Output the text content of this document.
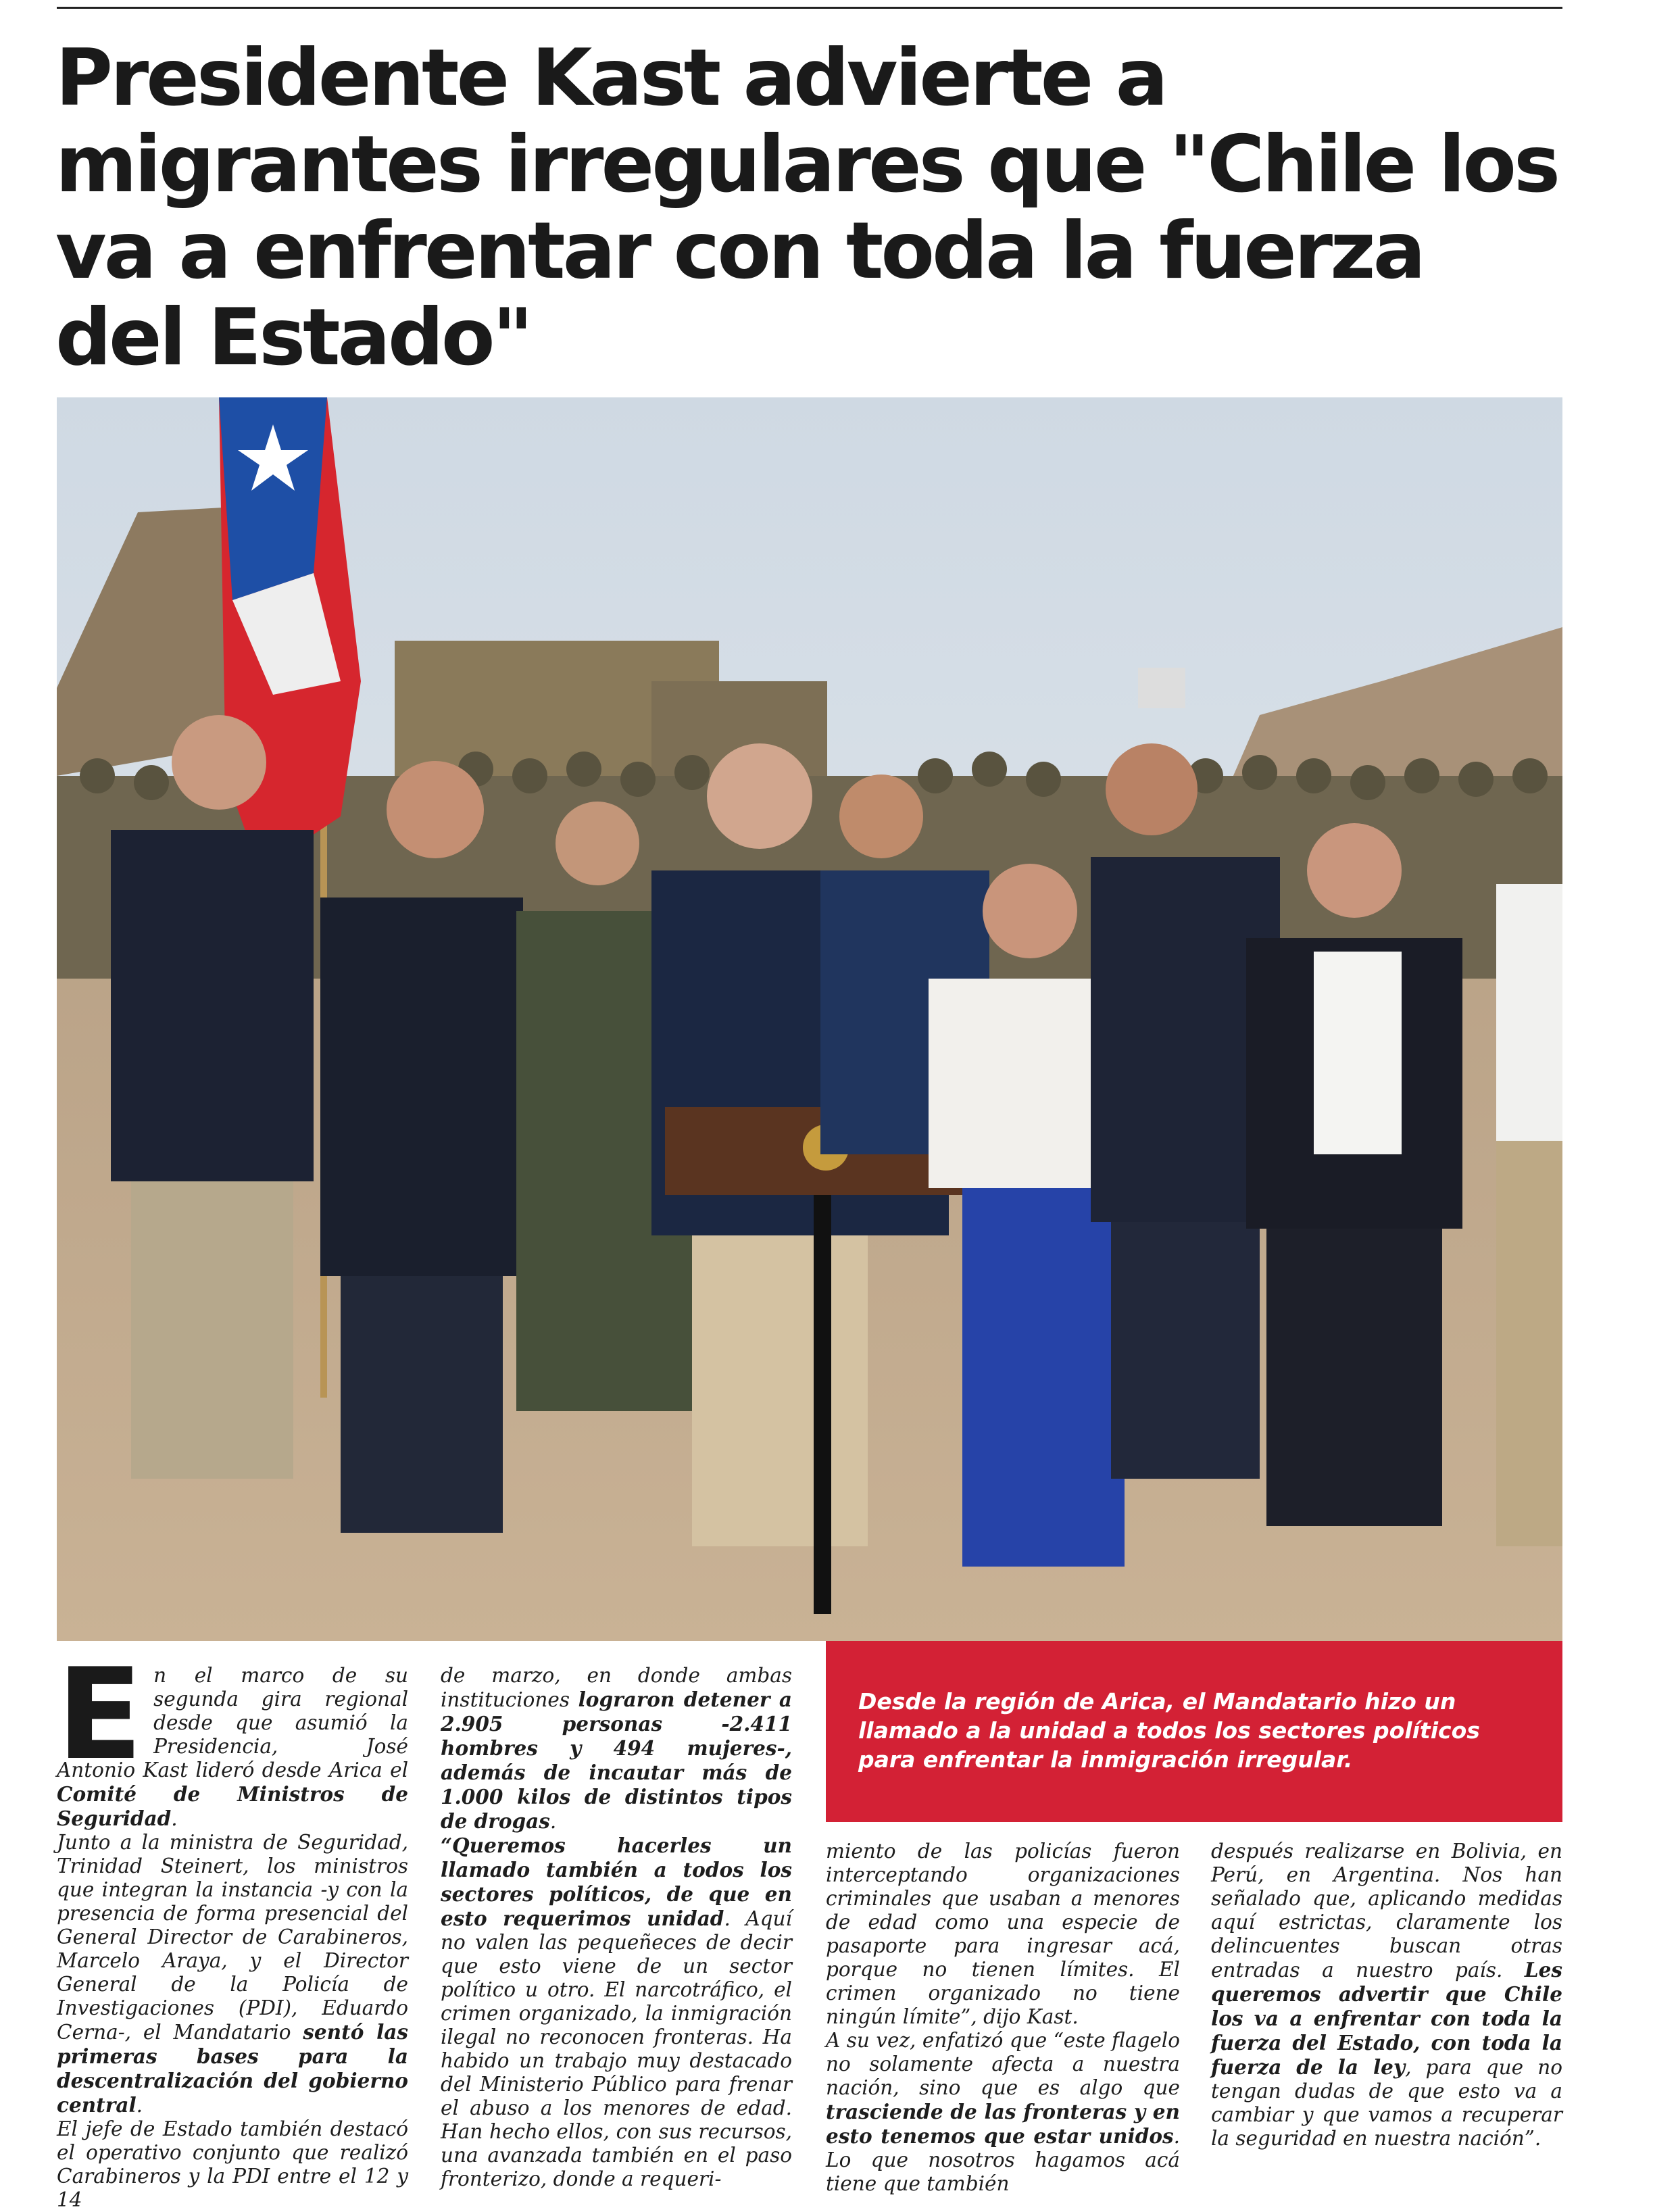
Presidente Kast advierte a migrantes irregulares que "Chile los va a enfrentar con toda la fuerza del Estado"

En el marco de su segunda gira regional desde que asumió la Presidencia, José Antonio Kast lideró desde Arica el Comité de Ministros de Seguridad.

Junto a la ministra de Seguridad, Trinidad Steinert, los ministros que integran la instancia -y con la presencia de forma presencial del General Director de Carabineros, Marcelo Araya, y el Director General de la Policía de Investigaciones (PDI), Eduardo Cerna-, el Mandatario sentó las primeras bases para la descentralización del gobierno central.

El jefe de Estado también destacó el operativo conjunto que realizó Carabineros y la PDI entre el 12 y 14

de marzo, en donde ambas instituciones lograron detener a 2.905 personas -2.411 hombres y 494 mujeres-, además de incautar más de 1.000 kilos de distintos tipos de drogas.

“Queremos hacerles un llamado también a todos los sectores políticos, de que en esto requerimos unidad. Aquí no valen las pequeñeces de decir que esto viene de un sector político u otro. El narcotráfico, el crimen organizado, la inmigración ilegal no reconocen fronteras. Ha habido un trabajo muy destacado del Ministerio Público para frenar el abuso a los menores de edad. Han hecho ellos, con sus recursos, una avanzada también en el paso fronterizo, donde a requeri-

Desde la región de Arica, el Mandatario hizo un llamado a la unidad a todos los sectores políticos para enfrentar la inmigración irregular.

miento de las policías fueron interceptando organizaciones criminales que usaban a menores de edad como una especie de pasaporte para ingresar acá, porque no tienen límites. El crimen organizado no tiene ningún límite”, dijo Kast.

A su vez, enfatizó que “este flagelo no solamente afecta a nuestra nación, sino que es algo que trasciende de las fronteras y en esto tenemos que estar unidos. Lo que nosotros hagamos acá tiene que también

después realizarse en Bolivia, en Perú, en Argentina. Nos han señalado que, aplicando medidas aquí estrictas, claramente los delincuentes buscan otras entradas a nuestro país. Les queremos advertir que Chile los va a enfrentar con toda la fuerza del Estado, con toda la fuerza de la ley, para que no tengan dudas de que esto va a cambiar y que vamos a recuperar la seguridad en nuestra nación”.
